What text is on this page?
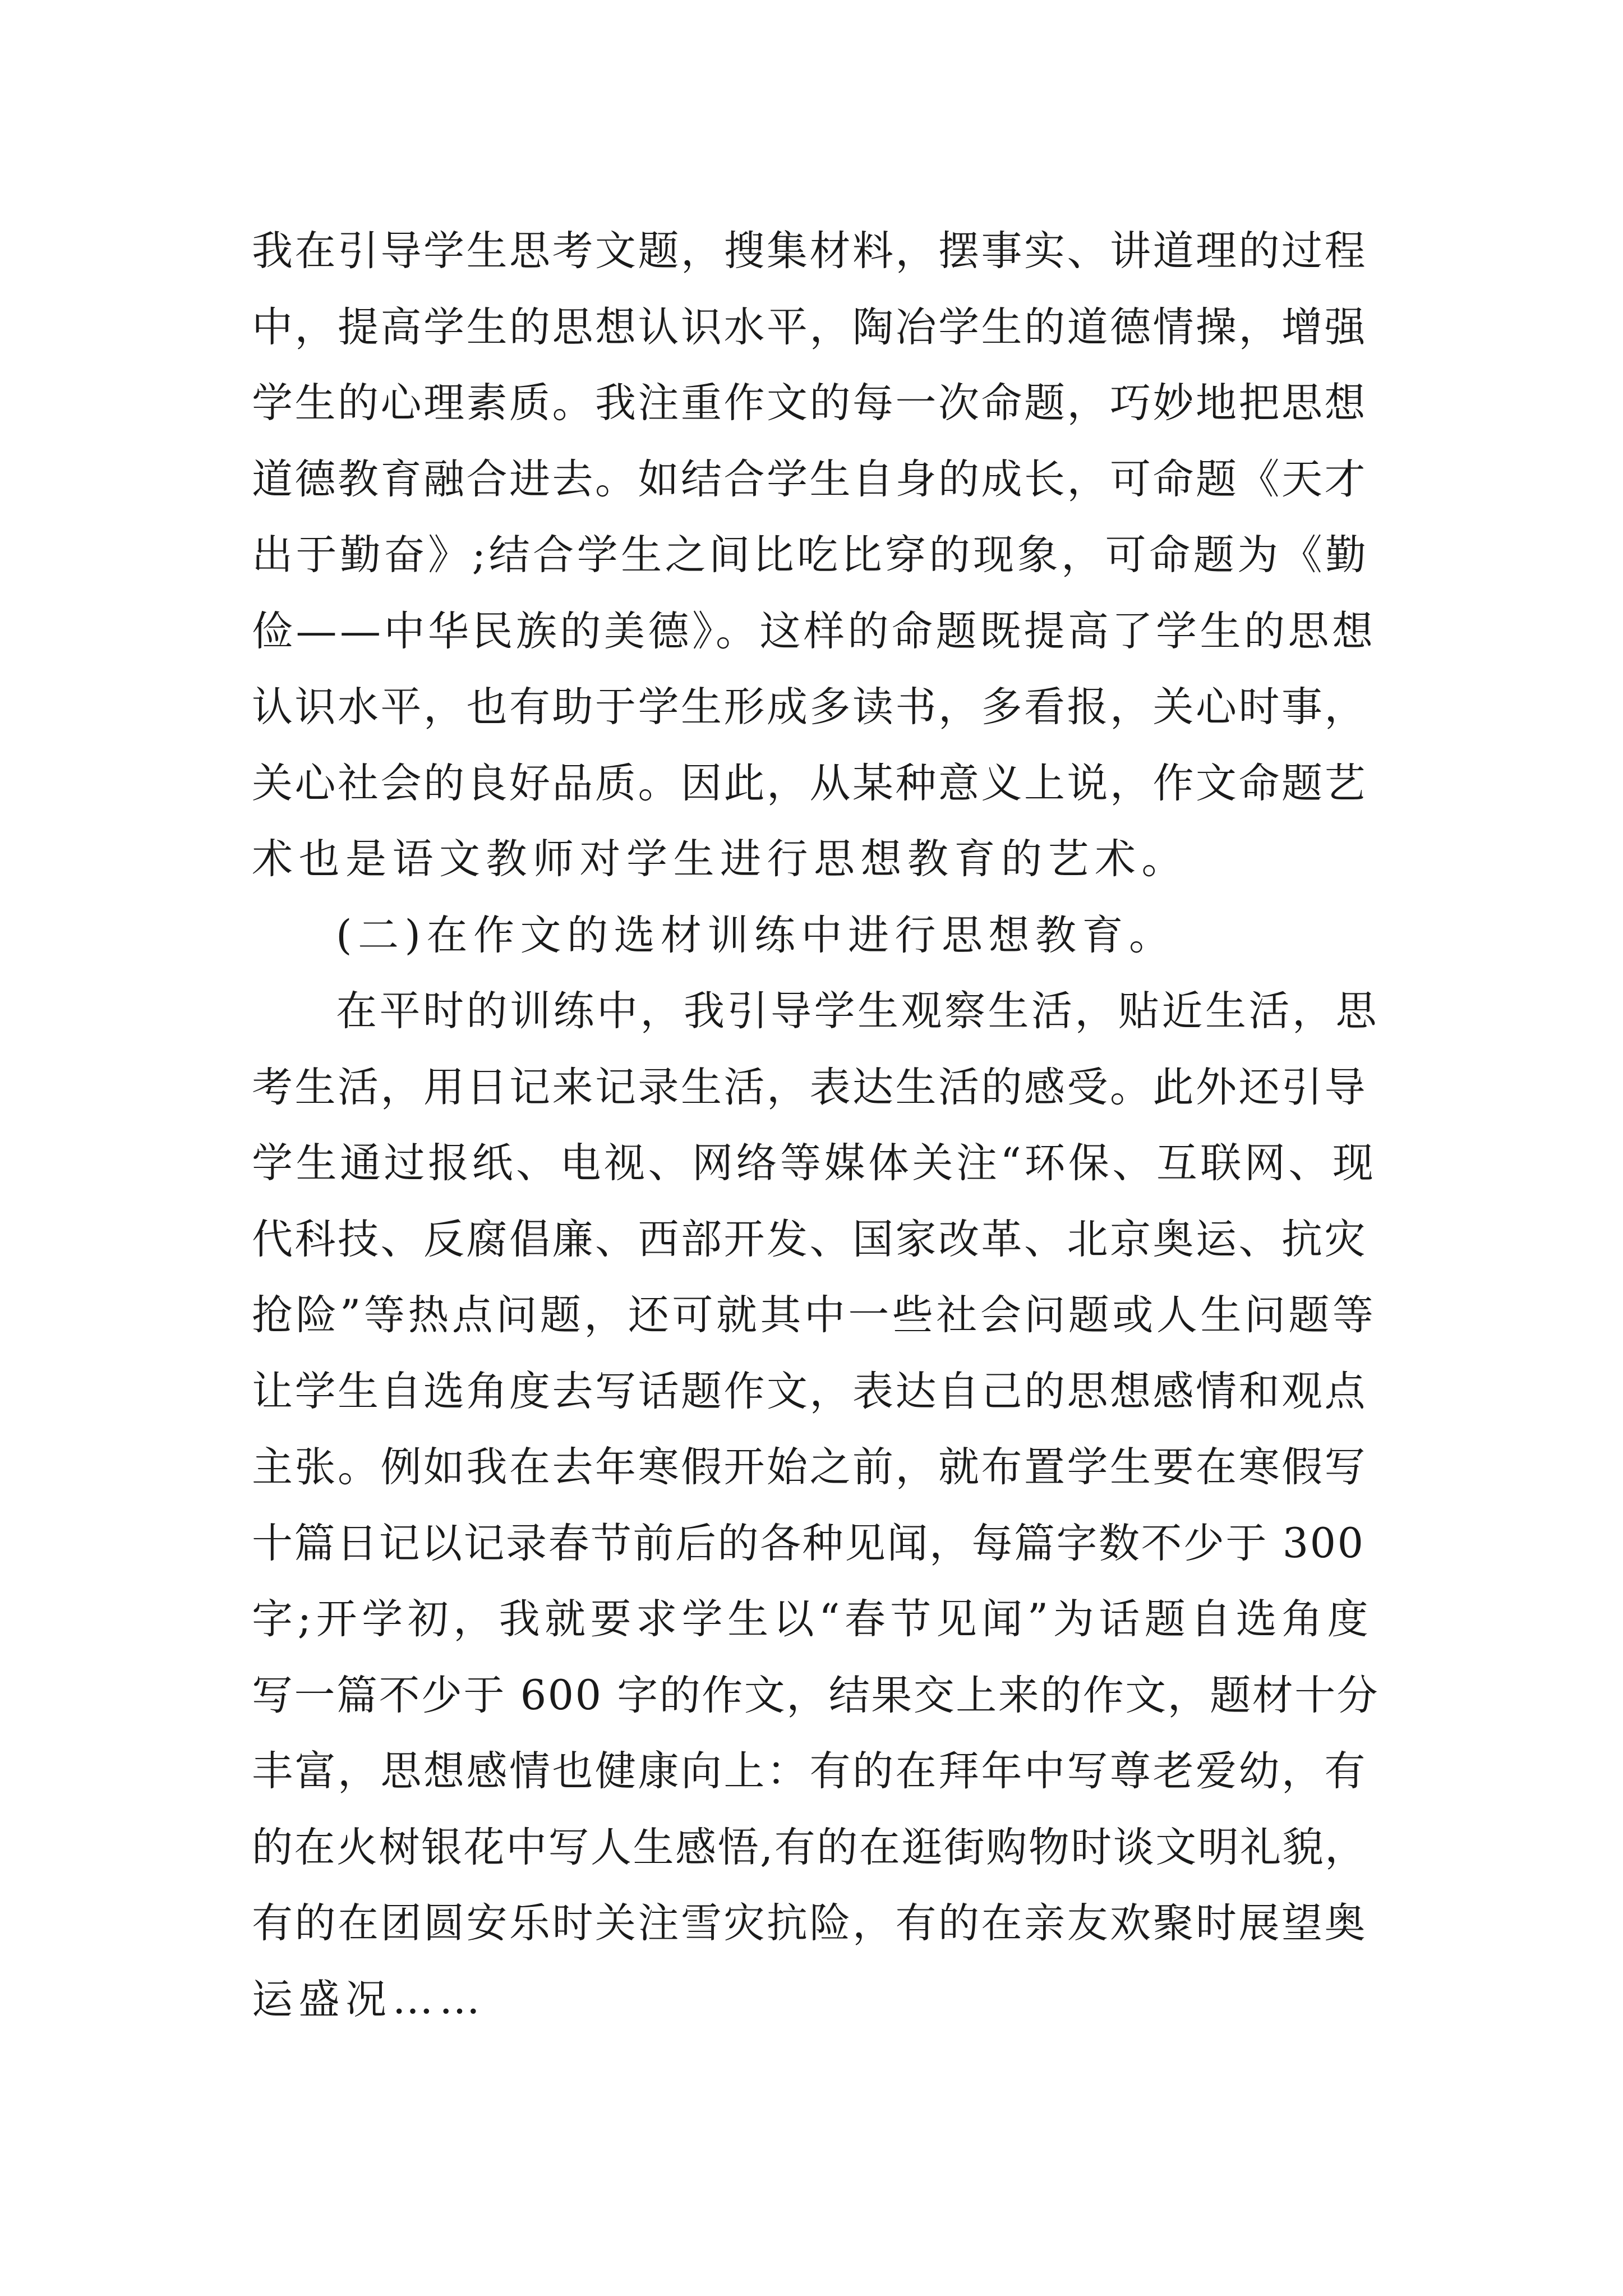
我在引导学生思考文题，搜集材料，摆事实、讲道理的过程
中，提高学生的思想认识水平，陶冶学生的道德情操，增强
学生的心理素质。我注重作文的每一次命题，巧妙地把思想
道德教育融合进去。如结合学生自身的成长，可命题《天才
出于勤奋》;结合学生之间比吃比穿的现象，可命题为《勤
俭——中华民族的美德》。这样的命题既提高了学生的思想
认识水平，也有助于学生形成多读书，多看报，关心时事，
关心社会的良好品质。因此，从某种意义上说，作文命题艺
术也是语文教师对学生进行思想教育的艺术。
(二)在作文的选材训练中进行思想教育。
在平时的训练中，我引导学生观察生活，贴近生活，思
考生活，用日记来记录生活，表达生活的感受。此外还引导
学生通过报纸、电视、网络等媒体关注“环保、互联网、现
代科技、反腐倡廉、西部开发、国家改革、北京奥运、抗灾
抢险”等热点问题，还可就其中一些社会问题或人生问题等
让学生自选角度去写话题作文，表达自己的思想感情和观点
主张。例如我在去年寒假开始之前，就布置学生要在寒假写
十篇日记以记录春节前后的各种见闻，每篇字数不少于 300
字;开学初，我就要求学生以“春节见闻”为话题自选角度
写一篇不少于 600 字的作文，结果交上来的作文，题材十分
丰富，思想感情也健康向上：有的在拜年中写尊老爱幼，有
的在火树银花中写人生感悟,有的在逛街购物时谈文明礼貌，
有的在团圆安乐时关注雪灾抗险，有的在亲友欢聚时展望奥
运盛况……
